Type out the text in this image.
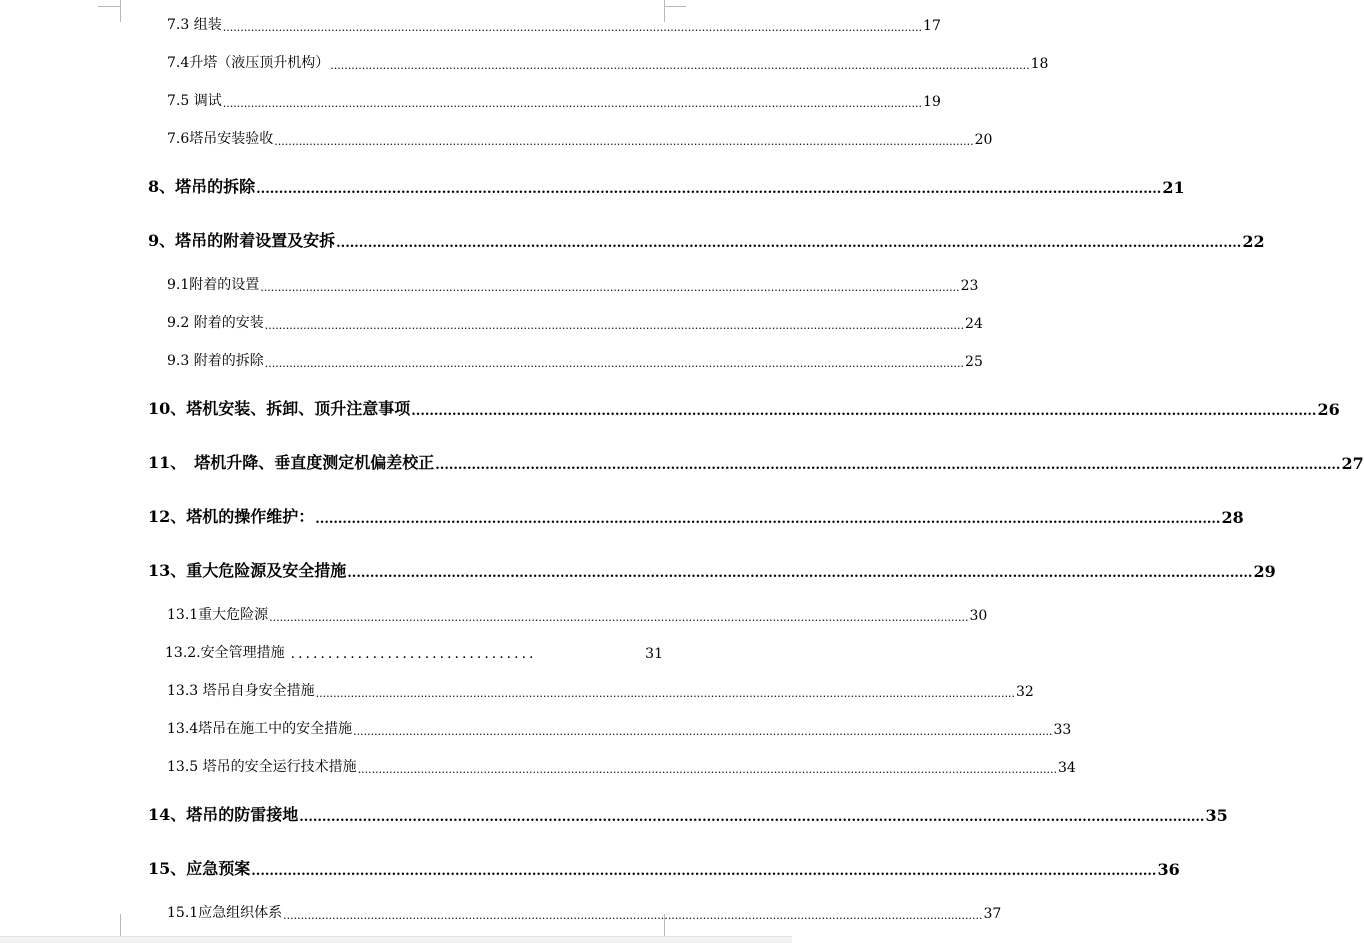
7.3 组装 ........................................................................................................................................................................................................ 17
7.4升塔（液压顶升机构） ........................................................................................................................................................................................................ 18
7.5 调试 ........................................................................................................................................................................................................ 19
7.6塔吊安装验收 ........................................................................................................................................................................................................ 20
8、塔吊的拆除 ........................................................................................................................................................................................................ 21
9、塔吊的附着设置及安拆 ........................................................................................................................................................................................................ 22
9.1附着的设置 ........................................................................................................................................................................................................ 23
9.2 附着的安装 ........................................................................................................................................................................................................ 24
9.3 附着的拆除 ........................................................................................................................................................................................................ 25
10、塔机安装、拆卸、顶升注意事项 ........................................................................................................................................................................................................ 26
11、　塔机升降、垂直度测定机偏差校正 ........................................................................................................................................................................................................ 27
12、塔机的操作维护： ........................................................................................................................................................................................................ 28
13、重大危险源及安全措施 ........................................................................................................................................................................................................ 29
13.1重大危险源 ........................................................................................................................................................................................................ 30
13.2.安全管理措施 .................................	31
13.3 塔吊自身安全措施 ........................................................................................................................................................................................................ 32
13.4塔吊在施工中的安全措施 ........................................................................................................................................................................................................ 33
13.5 塔吊的安全运行技术措施 ........................................................................................................................................................................................................ 34
14、塔吊的防雷接地 ........................................................................................................................................................................................................ 35
15、应急预案 ........................................................................................................................................................................................................ 36
15.1应急组织体系 ........................................................................................................................................................................................................ 37
